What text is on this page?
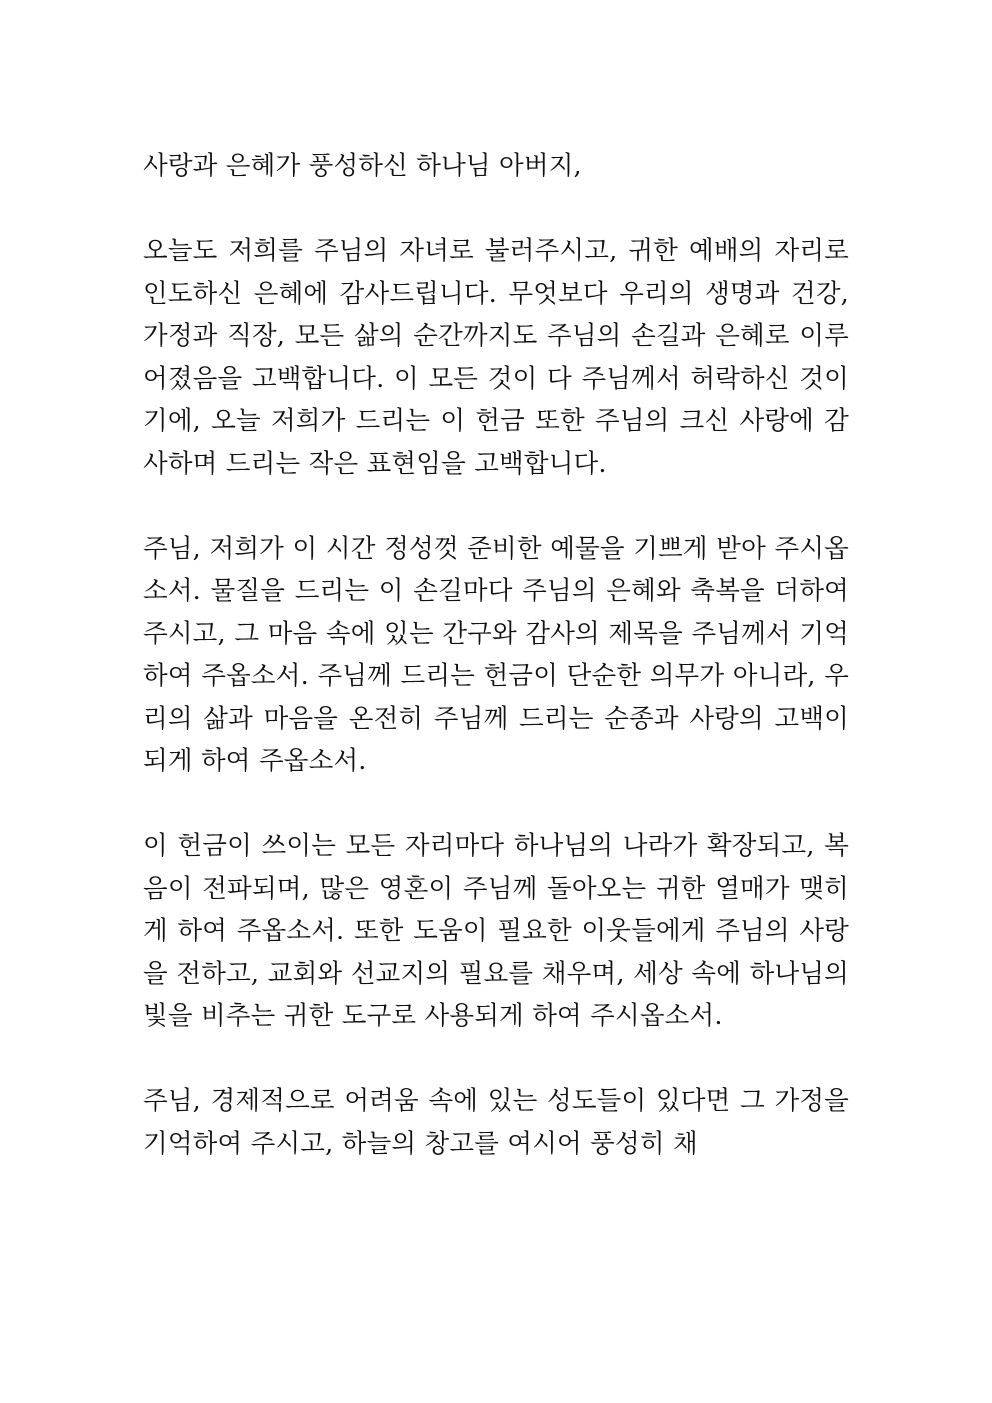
사랑과 은혜가 풍성하신 하나님 아버지,

오늘도 저희를 주님의 자녀로 불러주시고, 귀한 예배의 자리로 인도하신 은혜에 감사드립니다. 무엇보다 우리의 생명과 건강, 가정과 직장, 모든 삶의 순간까지도 주님의 손길과 은혜로 이루어졌음을 고백합니다. 이 모든 것이 다 주님께서 허락하신 것이기에, 오늘 저희가 드리는 이 헌금 또한 주님의 크신 사랑에 감사하며 드리는 작은 표현임을 고백합니다.

주님, 저희가 이 시간 정성껏 준비한 예물을 기쁘게 받아 주시옵소서. 물질을 드리는 이 손길마다 주님의 은혜와 축복을 더하여 주시고, 그 마음 속에 있는 간구와 감사의 제목을 주님께서 기억하여 주옵소서. 주님께 드리는 헌금이 단순한 의무가 아니라, 우리의 삶과 마음을 온전히 주님께 드리는 순종과 사랑의 고백이 되게 하여 주옵소서.

이 헌금이 쓰이는 모든 자리마다 하나님의 나라가 확장되고, 복음이 전파되며, 많은 영혼이 주님께 돌아오는 귀한 열매가 맺히게 하여 주옵소서. 또한 도움이 필요한 이웃들에게 주님의 사랑을 전하고, 교회와 선교지의 필요를 채우며, 세상 속에 하나님의 빛을 비추는 귀한 도구로 사용되게 하여 주시옵소서.

주님, 경제적으로 어려움 속에 있는 성도들이 있다면 그 가정을 기억하여 주시고, 하늘의 창고를 여시어 풍성히 채
